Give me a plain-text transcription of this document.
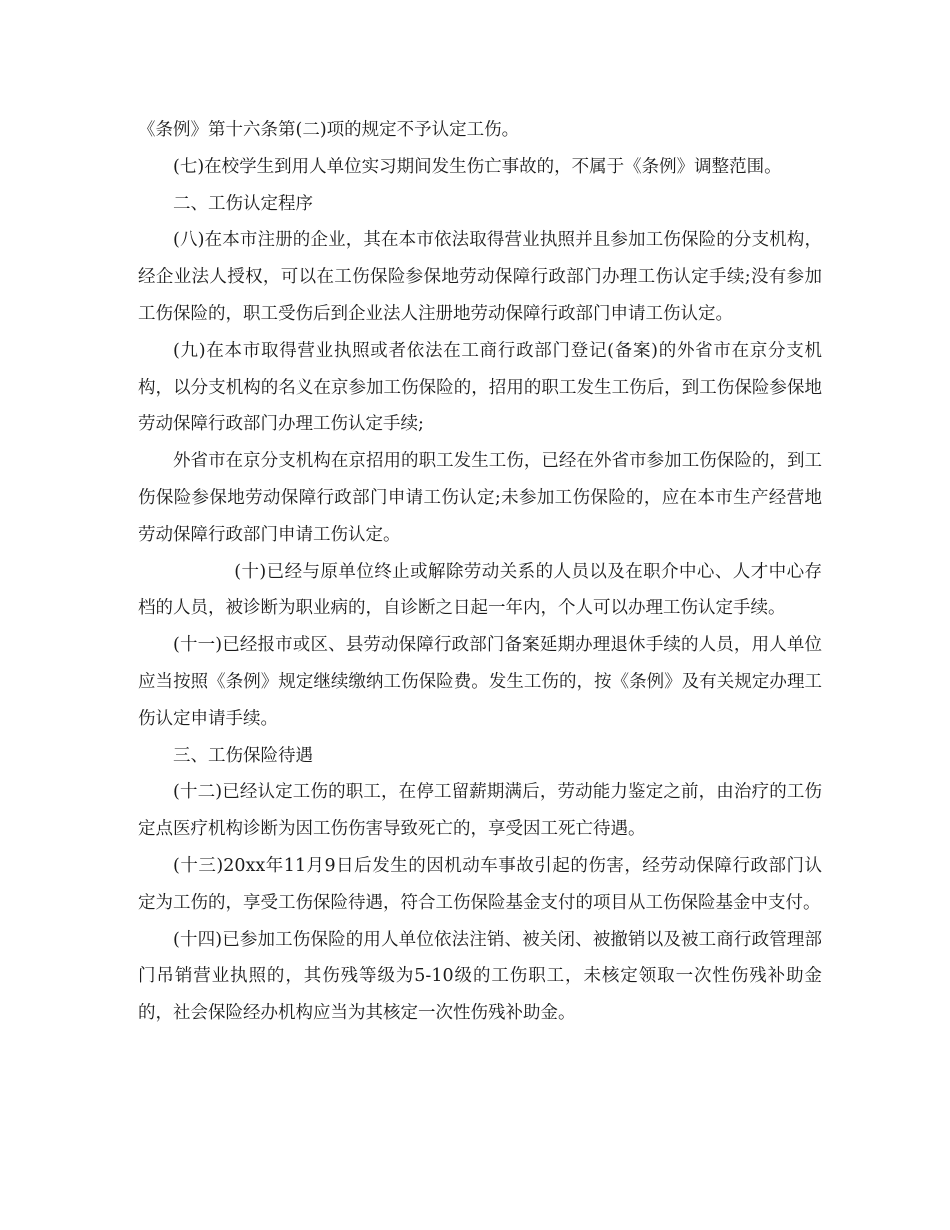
《条例》第十六条第(二)项的规定不予认定工伤。

(七)在校学生到用人单位实习期间发生伤亡事故的，不属于《条例》调整范围。

二、工伤认定程序

(八)在本市注册的企业，其在本市依法取得营业执照并且参加工伤保险的分支机构，经企业法人授权，可以在工伤保险参保地劳动保障行政部门办理工伤认定手续;没有参加工伤保险的，职工受伤后到企业法人注册地劳动保障行政部门申请工伤认定。

(九)在本市取得营业执照或者依法在工商行政部门登记(备案)的外省市在京分支机构，以分支机构的名义在京参加工伤保险的，招用的职工发生工伤后，到工伤保险参保地劳动保障行政部门办理工伤认定手续;

外省市在京分支机构在京招用的职工发生工伤，已经在外省市参加工伤保险的，到工伤保险参保地劳动保障行政部门申请工伤认定;未参加工伤保险的，应在本市生产经营地劳动保障行政部门申请工伤认定。

(十)已经与原单位终止或解除劳动关系的人员以及在职介中心、人才中心存档的人员，被诊断为职业病的，自诊断之日起一年内，个人可以办理工伤认定手续。

(十一)已经报市或区、县劳动保障行政部门备案延期办理退休手续的人员，用人单位应当按照《条例》规定继续缴纳工伤保险费。发生工伤的，按《条例》及有关规定办理工伤认定申请手续。

三、工伤保险待遇

(十二)已经认定工伤的职工，在停工留薪期满后，劳动能力鉴定之前，由治疗的工伤定点医疗机构诊断为因工伤伤害导致死亡的，享受因工死亡待遇。

(十三)20xx年11月9日后发生的因机动车事故引起的伤害，经劳动保障行政部门认定为工伤的，享受工伤保险待遇，符合工伤保险基金支付的项目从工伤保险基金中支付。

(十四)已参加工伤保险的用人单位依法注销、被关闭、被撤销以及被工商行政管理部门吊销营业执照的，其伤残等级为5-10级的工伤职工，未核定领取一次性伤残补助金的，社会保险经办机构应当为其核定一次性伤残补助金。
